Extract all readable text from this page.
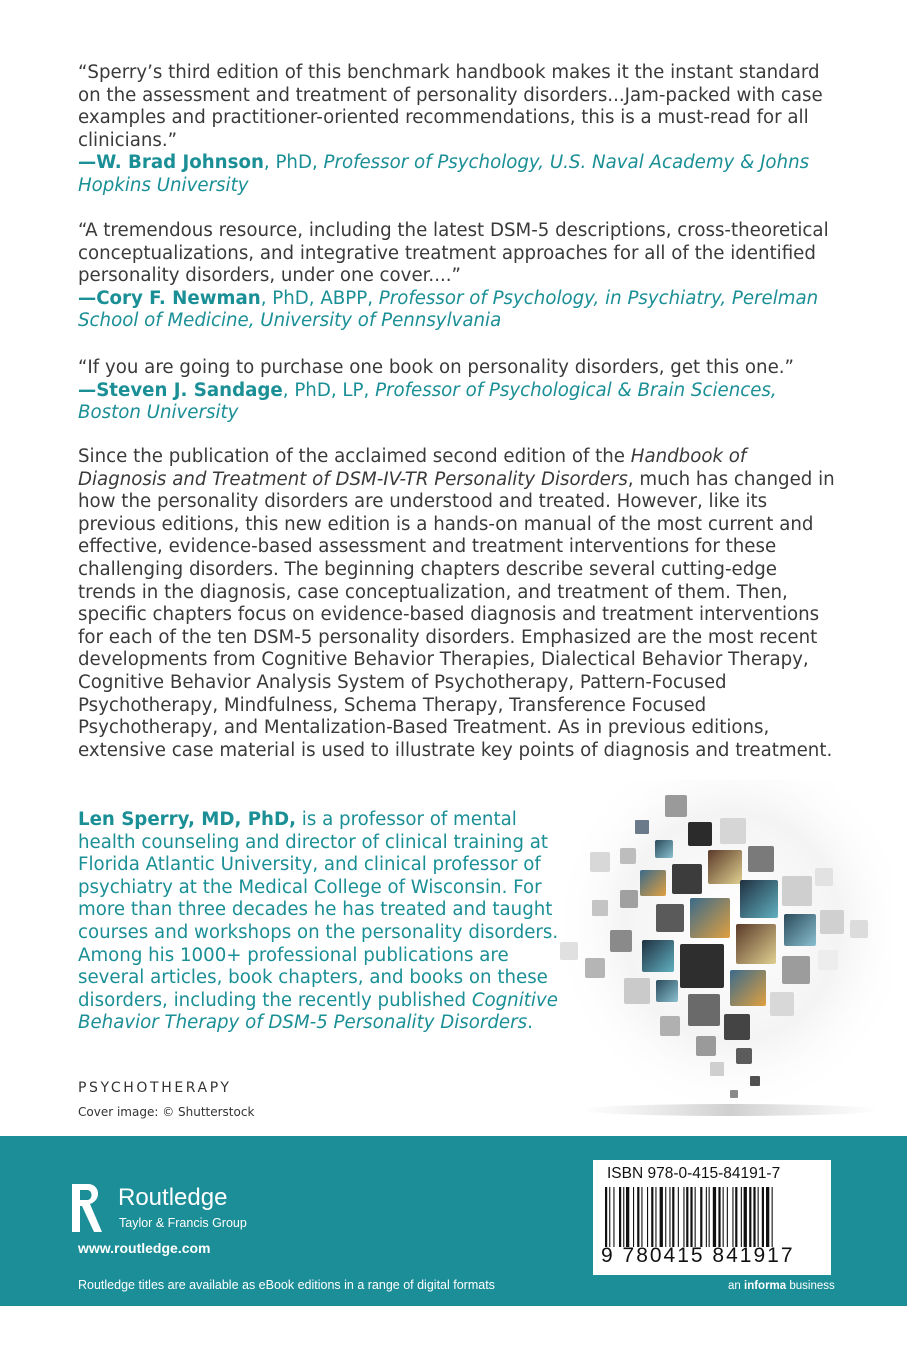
“Sperry’s third edition of this benchmark handbook makes it the instant standard on the assessment and treatment of personality disorders...Jam-packed with case examples and practitioner-oriented recommendations, this is a must-read for all clinicians.”
—W. Brad Johnson, PhD, Professor of Psychology, U.S. Naval Academy & Johns Hopkins University
“A tremendous resource, including the latest DSM-5 descriptions, cross-theoretical conceptualizations, and integrative treatment approaches for all of the identified personality disorders, under one cover....”
—Cory F. Newman, PhD, ABPP, Professor of Psychology, in Psychiatry, Perelman School of Medicine, University of Pennsylvania
“If you are going to purchase one book on personality disorders, get this one.”
—Steven J. Sandage, PhD, LP, Professor of Psychological & Brain Sciences, Boston University
Since the publication of the acclaimed second edition of the Handbook of Diagnosis and Treatment of DSM-IV-TR Personality Disorders, much has changed in how the personality disorders are understood and treated. However, like its previous editions, this new edition is a hands-on manual of the most current and effective, evidence-based assessment and treatment interventions for these challenging disorders. The beginning chapters describe several cutting-edge trends in the diagnosis, case conceptualization, and treatment of them. Then, specific chapters focus on evidence-based diagnosis and treatment interventions for each of the ten DSM-5 personality disorders. Emphasized are the most recent developments from Cognitive Behavior Therapies, Dialectical Behavior Therapy, Cognitive Behavior Analysis System of Psychotherapy, Pattern-Focused Psychotherapy, Mindfulness, Schema Therapy, Transference Focused Psychotherapy, and Mentalization-Based Treatment. As in previous editions, extensive case material is used to illustrate key points of diagnosis and treatment.
Len Sperry, MD, PhD, is a professor of mental health counseling and director of clinical training at Florida Atlantic University, and clinical professor of psychiatry at the Medical College of Wisconsin. For more than three decades he has treated and taught courses and workshops on the personality disorders. Among his 1000+ professional publications are several articles, book chapters, and books on these disorders, including the recently published Cognitive Behavior Therapy of DSM-5 Personality Disorders.
PSYCHOTHERAPY
Cover image: © Shutterstock
Routledge
Taylor & Francis Group
www.routledge.com
Routledge titles are available as eBook editions in a range of digital formats	an informa business
ISBN 978-0-415-84191-7
9 780415 841917
